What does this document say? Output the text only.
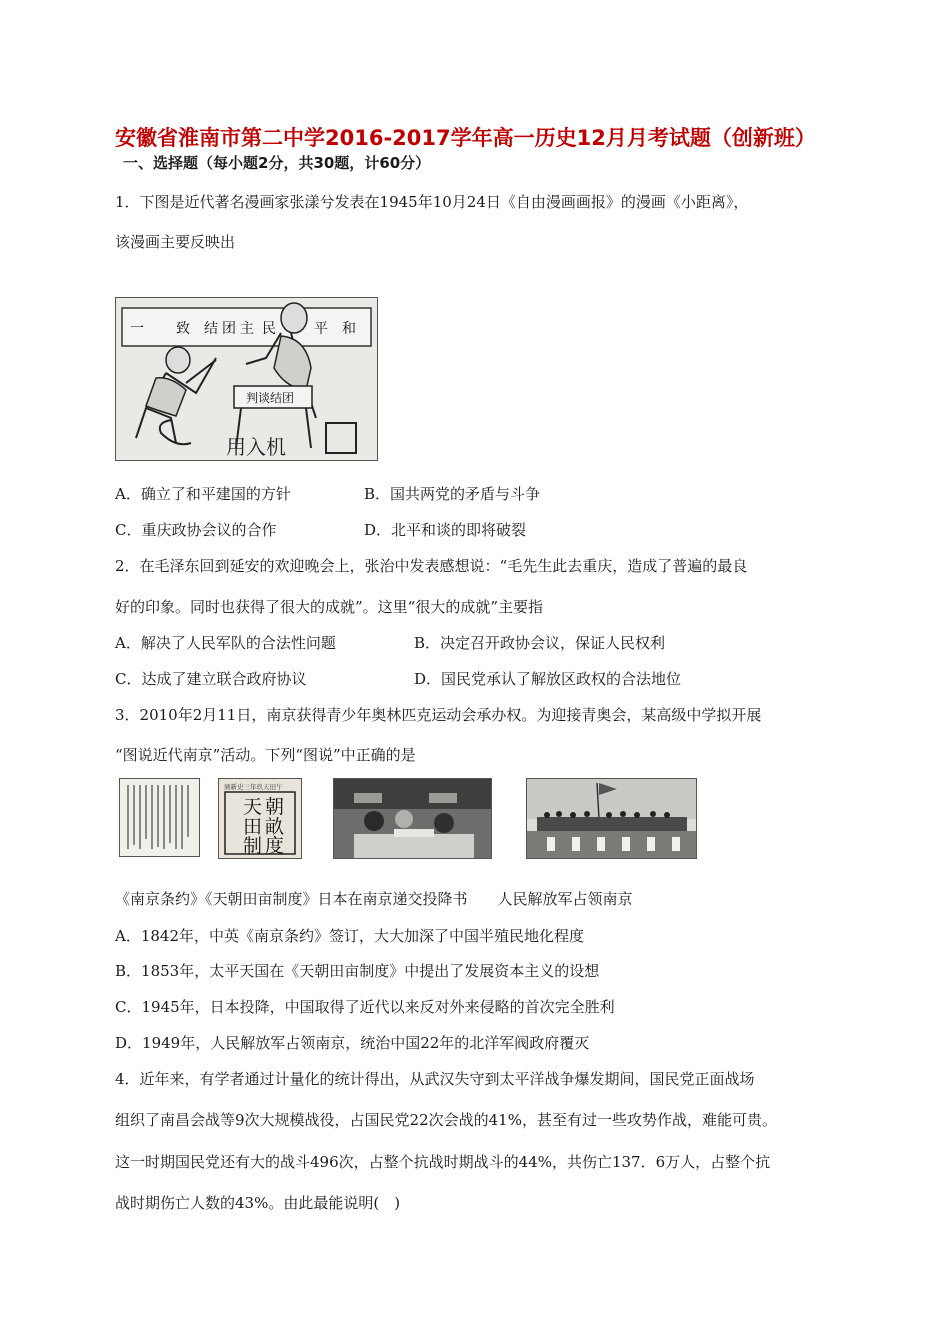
安徽省淮南市第二中学2016-2017学年高一历史12月月考试题（创新班）
一、选择题（每小题2分，共30题，计60分）
1．下图是近代著名漫画家张漾兮发表在1945年10月24日《自由漫画画报》的漫画《小距离》，
该漫画主要反映出
一 致 结 团 主 民	平 和
判谈结团
用入机
A．确立了和平建国的方针	B．国共两党的矛盾与斗争
C．重庆政协会议的合作	D．北平和谈的即将破裂
2．在毛泽东回到延安的欢迎晚会上，张治中发表感想说：“毛先生此去重庆，造成了普遍的最良
好的印象。同时也获得了很大的成就”。这里“很大的成就”主要指
A．解决了人民军队的合法性问题	B．决定召开政协会议，保证人民权利
C．达成了建立联合政府协议	D．国民党承认了解放区政权的合法地位
3．2010年2月11日，南京获得青少年奥林匹克运动会承办权。为迎接青奥会，某高级中学拟开展
“图说近代南京”活动。下列“图说”中正确的是
颁新史三年玖天旧午
天 朝
田 畝
制 度
《南京条约》《天朝田亩制度》日本在南京递交投降书　　人民解放军占领南京
A．1842年，中英《南京条约》签订，大大加深了中国半殖民地化程度
B．1853年，太平天国在《天朝田亩制度》中提出了发展资本主义的设想
C．1945年，日本投降，中国取得了近代以来反对外来侵略的首次完全胜利
D．1949年，人民解放军占领南京，统治中国22年的北洋军阀政府覆灭
4．近年来，有学者通过计量化的统计得出，从武汉失守到太平洋战争爆发期间，国民党正面战场
组织了南昌会战等9次大规模战役，占国民党22次会战的41%，甚至有过一些攻势作战，难能可贵。
这一时期国民党还有大的战斗496次，占整个抗战时期战斗的44%，共伤亡137．6万人，占整个抗
战时期伤亡人数的43%。由此最能说明(　)
